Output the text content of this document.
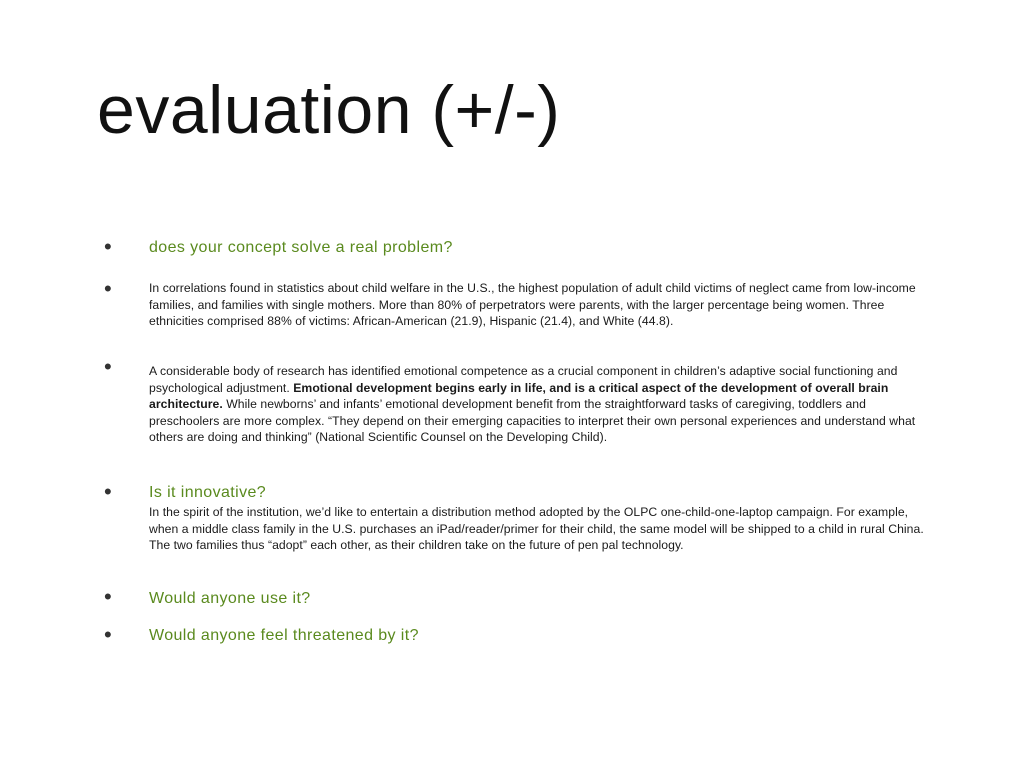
evaluation (+/-)
•
•
•
•
•
•
does your concept solve a real problem?
In correlations found in statistics about child welfare in the U.S., the highest population of adult child victims of neglect came from low-income families, and families with single mothers. More than 80% of perpetrators were parents, with the larger percentage being women. Three ethnicities comprised 88% of victims: African-American (21.9), Hispanic (21.4), and White (44.8).
A considerable body of research has identified emotional competence as a crucial component in children’s adaptive social functioning and psychological adjustment. Emotional development begins early in life, and is a critical aspect of the development of overall brain architecture. While newborns’ and infants’ emotional development benefit from the straightforward tasks of caregiving, toddlers and preschoolers are more complex. “They depend on their emerging capacities to interpret their own personal experiences and understand what others are doing and thinking” (National Scientific Counsel on the Developing Child).
Is it innovative?
In the spirit of the institution, we’d like to entertain a distribution method adopted by the OLPC one-child-one-laptop campaign. For example, when a middle class family in the U.S. purchases an iPad/reader/primer for their child, the same model will be shipped to a child in rural China. The two families thus “adopt” each other, as their children take on the future of pen pal technology.
Would anyone use it?
Would anyone feel threatened by it?
